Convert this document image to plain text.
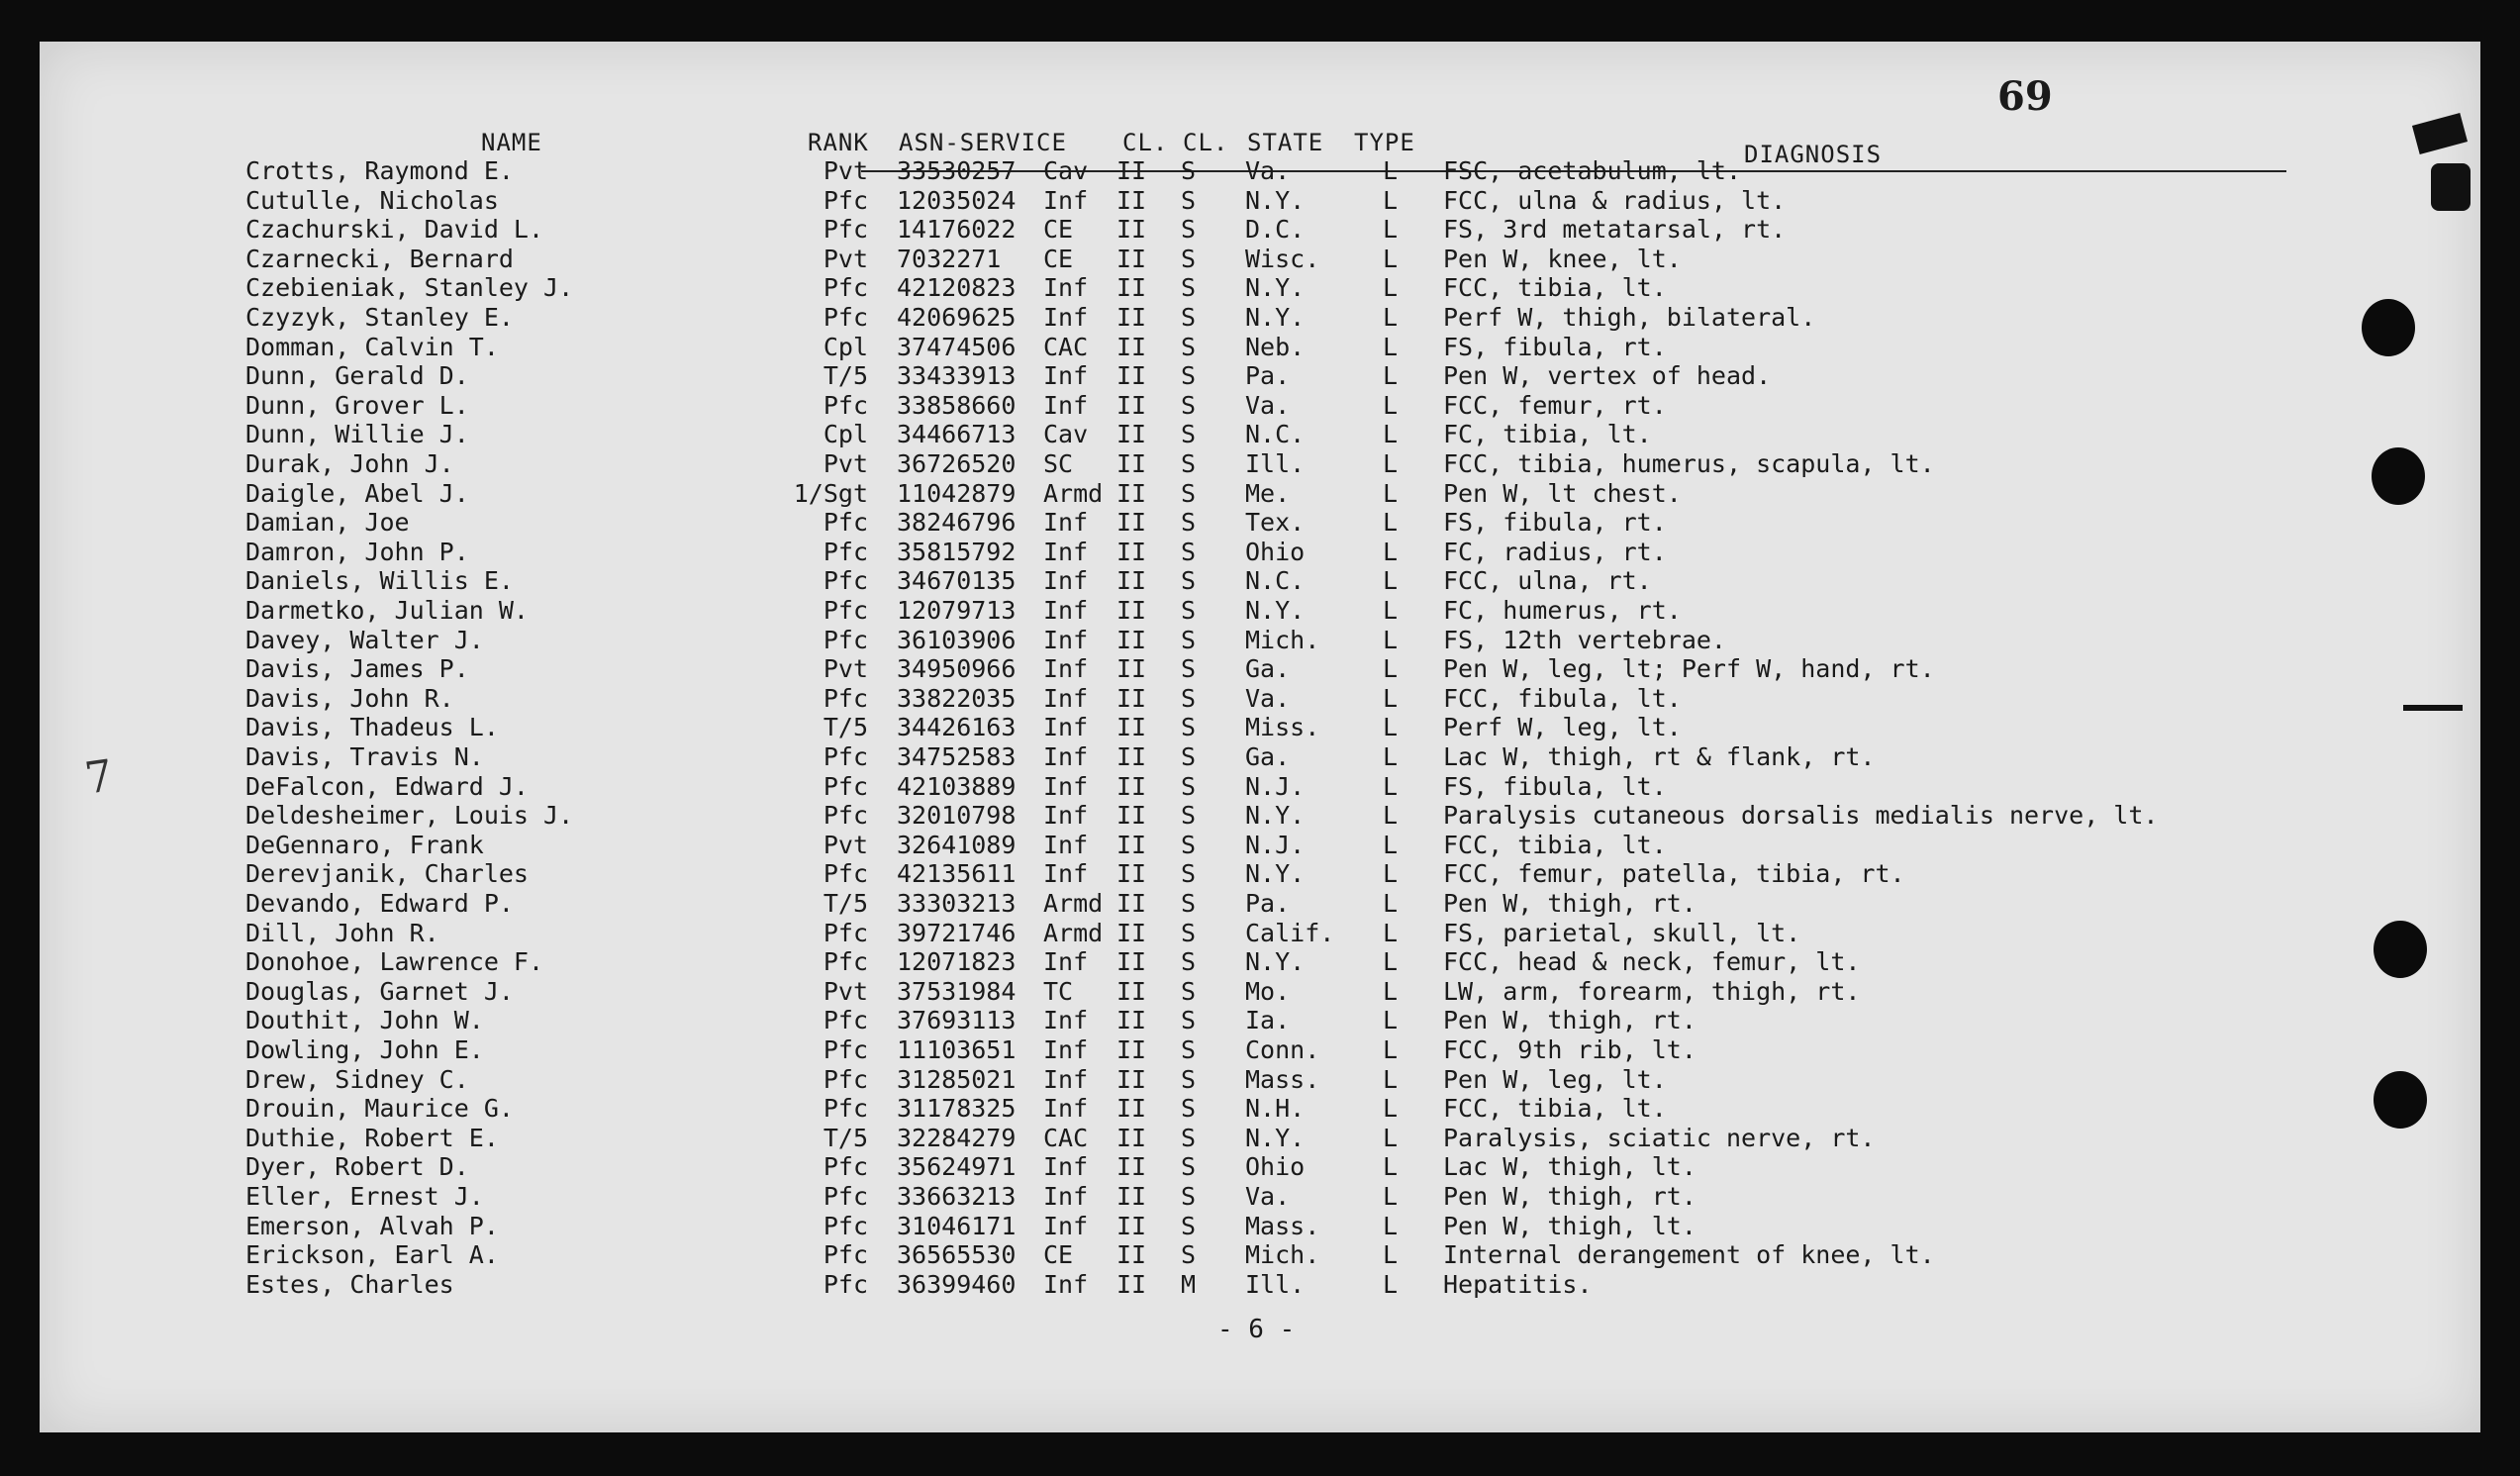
7
69
NAME	RANK ASN-SERVICE CL. CL. STATE TYPE	DIAGNOSIS
Crotts, Raymond E.	Pvt 33530257 Cav II S Va.	L FSC, acetabulum, lt.
Cutulle, Nicholas	Pfc 12035024 Inf II S N.Y.	L FCC, ulna & radius, lt.
Czachurski, David L.	Pfc 14176022 CE II S D.C.	L FS, 3rd metatarsal, rt.
Czarnecki, Bernard	Pvt 7032271 CE II S Wisc.	L Pen W, knee, lt.
Czebieniak, Stanley J.	Pfc 42120823 Inf II S N.Y.	L FCC, tibia, lt.
Czyzyk, Stanley E.	Pfc 42069625 Inf II S N.Y.	L Perf W, thigh, bilateral.
Domman, Calvin T.	Cpl 37474506 CAC II S Neb.	L FS, fibula, rt.
Dunn, Gerald D.	T/5 33433913 Inf II S Pa.	L Pen W, vertex of head.
Dunn, Grover L.	Pfc 33858660 Inf II S Va.	L FCC, femur, rt.
Dunn, Willie J.	Cpl 34466713 Cav II S N.C.	L FC, tibia, lt.
Durak, John J.	Pvt 36726520 SC II S Ill.	L FCC, tibia, humerus, scapula, lt.
Daigle, Abel J.	1/Sgt 11042879 Armd II S Me.	L Pen W, lt chest.
Damian, Joe	Pfc 38246796 Inf II S Tex.	L FS, fibula, rt.
Damron, John P.	Pfc 35815792 Inf II S Ohio	L FC, radius, rt.
Daniels, Willis E.	Pfc 34670135 Inf II S N.C.	L FCC, ulna, rt.
Darmetko, Julian W.	Pfc 12079713 Inf II S N.Y.	L FC, humerus, rt.
Davey, Walter J.	Pfc 36103906 Inf II S Mich.	L FS, 12th vertebrae.
Davis, James P.	Pvt 34950966 Inf II S Ga.	L Pen W, leg, lt; Perf W, hand, rt.
Davis, John R.	Pfc 33822035 Inf II S Va.	L FCC, fibula, lt.
Davis, Thadeus L.	T/5 34426163 Inf II S Miss.	L Perf W, leg, lt.
Davis, Travis N.	Pfc 34752583 Inf II S Ga.	L Lac W, thigh, rt & flank, rt.
DeFalcon, Edward J.	Pfc 42103889 Inf II S N.J.	L FS, fibula, lt.
Deldesheimer, Louis J.	Pfc 32010798 Inf II S N.Y.	L Paralysis cutaneous dorsalis medialis nerve, lt.
DeGennaro, Frank	Pvt 32641089 Inf II S N.J.	L FCC, tibia, lt.
Derevjanik, Charles	Pfc 42135611 Inf II S N.Y.	L FCC, femur, patella, tibia, rt.
Devando, Edward P.	T/5 33303213 Armd II S Pa.	L Pen W, thigh, rt.
Dill, John R.	Pfc 39721746 Armd II S Calif. L FS, parietal, skull, lt.
Donohoe, Lawrence F.	Pfc 12071823 Inf II S N.Y.	L FCC, head & neck, femur, lt.
Douglas, Garnet J.	Pvt 37531984 TC II S Mo.	L LW, arm, forearm, thigh, rt.
Douthit, John W.	Pfc 37693113 Inf II S Ia.	L Pen W, thigh, rt.
Dowling, John E.	Pfc 11103651 Inf II S Conn.	L FCC, 9th rib, lt.
Drew, Sidney C.	Pfc 31285021 Inf II S Mass.	L Pen W, leg, lt.
Drouin, Maurice G.	Pfc 31178325 Inf II S N.H.	L FCC, tibia, lt.
Duthie, Robert E.	T/5 32284279 CAC II S N.Y.	L Paralysis, sciatic nerve, rt.
Dyer, Robert D.	Pfc 35624971 Inf II S Ohio	L Lac W, thigh, lt.
Eller, Ernest J.	Pfc 33663213 Inf II S Va.	L Pen W, thigh, rt.
Emerson, Alvah P.	Pfc 31046171 Inf II S Mass.	L Pen W, thigh, lt.
Erickson, Earl A.	Pfc 36565530 CE II S Mich.	L Internal derangement of knee, lt.
Estes, Charles	Pfc 36399460 Inf II M Ill.	L Hepatitis.
- 6 -
